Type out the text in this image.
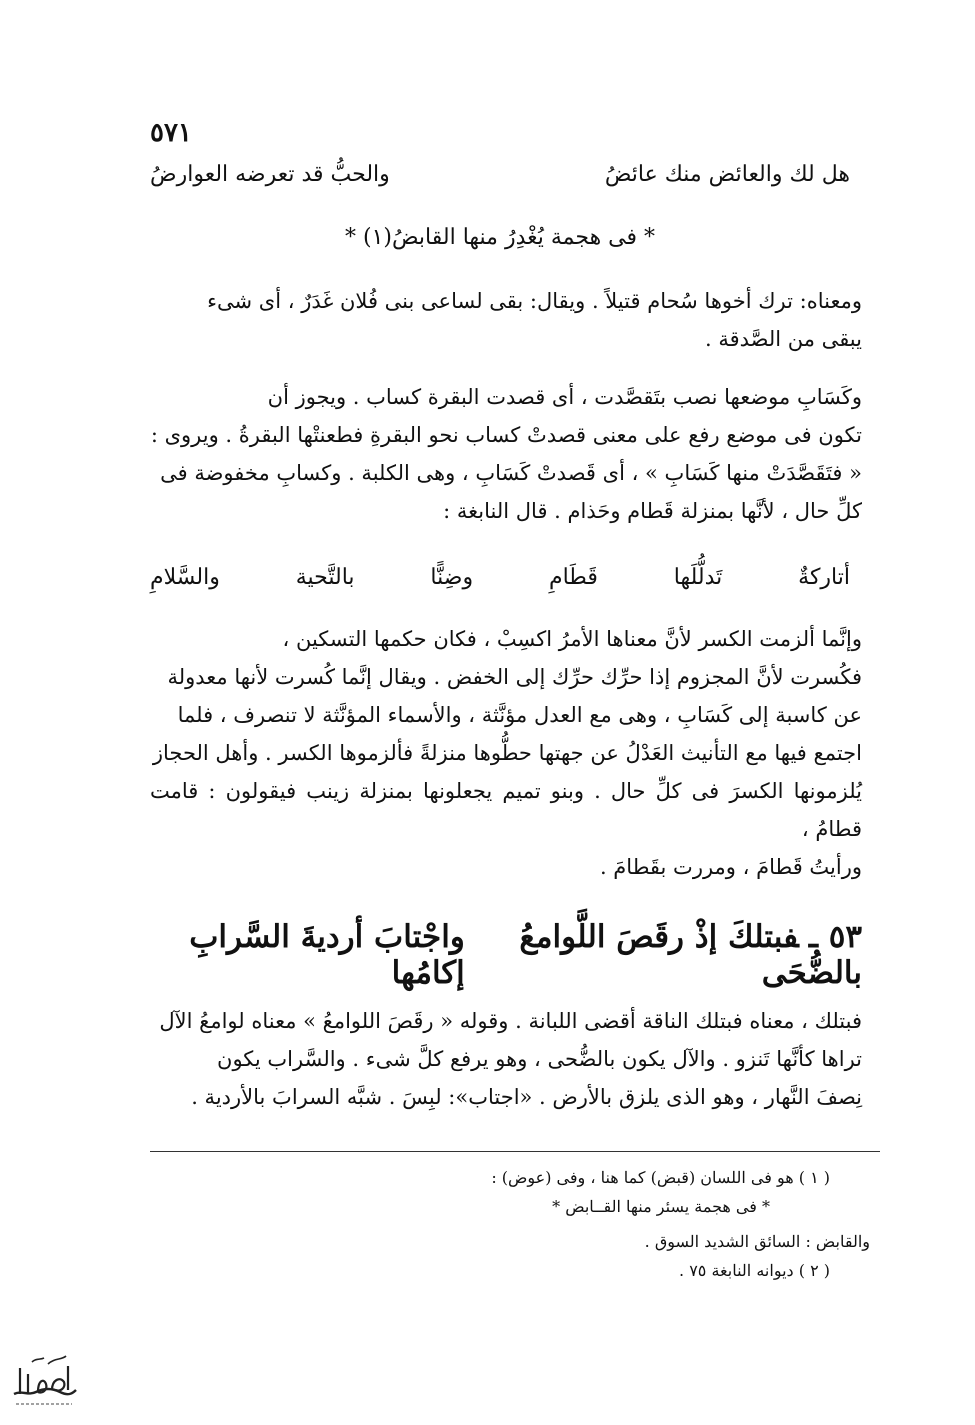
٥٧١
هل لك والعائض منك عائضُ
والحبُّ قد تعرضه العوارضُ
* فى هجمة يُغْدِرُ منها القابضُ(١) *

ومعناه: ترك أخوها سُحام قتيلاً . ويقال: بقى لساعى بنى فُلان غَدَرٌ ، أى شىء

يبقى من الصَّدقة .

وكَسَابِ موضعها نصب بتَقصَّدت ، أى قصدت البقرة كساب . ويجوز أن

تكون فى موضع رفع على معنى قصدتْ كساب نحو البقرةِ فطعنتْها البقرةُ . ويروى :

« فتَقَصَّدَتْ منها كَسَابِ » ، أى قَصدتْ كَسَابِ ، وهى الكلبة . وكسابِ مخفوضة فى

كلِّ حال ، لأنَّها بمنزلة قَطام وحَذام . قال النابغة :

أتاركةٌ
تَدلُّلَها
قَطَامِ
وضِنًّا
بالتَّحية
والسَّلامِ

وإنَّما ألزمت الكسر لأنَّ معناها الأمرُ اكسِبْ ، فكان حكمها التسكين ،

فكُسرت لأنَّ المجزوم إذا حرِّك حرِّك إلى الخفض . ويقال إنَّما كُسرت لأنها معدولة

عن كاسبة إلى كَسَابِ ، وهى مع العدل مؤنَّثة ، والأسماء المؤنَّثة لا تنصرف ، فلما

اجتمع فيها مع التأنيث العَدْلُ عن جهتها حطُّوها منزلةً فألزموها الكسر . وأهل الحجاز

يُلزمونها الكسرَ فى كلِّ حال . وبنو تميم يجعلونها بمنزلة زينب فيقولون : قامت قطامُ ،

ورأيتُ قَطامَ ، ومررت بقَطامَ .

٥٣ ـفبتلكَ إذْ رقَصَ اللَّوامعُ بالضُّحَى
واجْتابَ أرديةَ السَّرابِ إكامُها

فبتلك ، معناه فبتلك الناقة أقضى اللبانة . وقوله « رقَصَ اللوامعُ » معناه لوامعُ الآل

تراها كأنَّها تَنزو . والآل يكون بالضُّحى ، وهو يرفع كلَّ شىء . والسَّراب يكون

نِصفَ النَّهار ، وهو الذى يلزق بالأرض . «اجتاب»: لبِسَ . شبَّه السرابَ بالأردية .

( ١ ) هو فى اللسان (قبض) كما هنا ، وفى (عوض) :

* فى هجمة يسئر منها القــابض *

والقابض : السائق الشديد السوق .

( ٢ ) ديوانه النابغة ٧٥ .
